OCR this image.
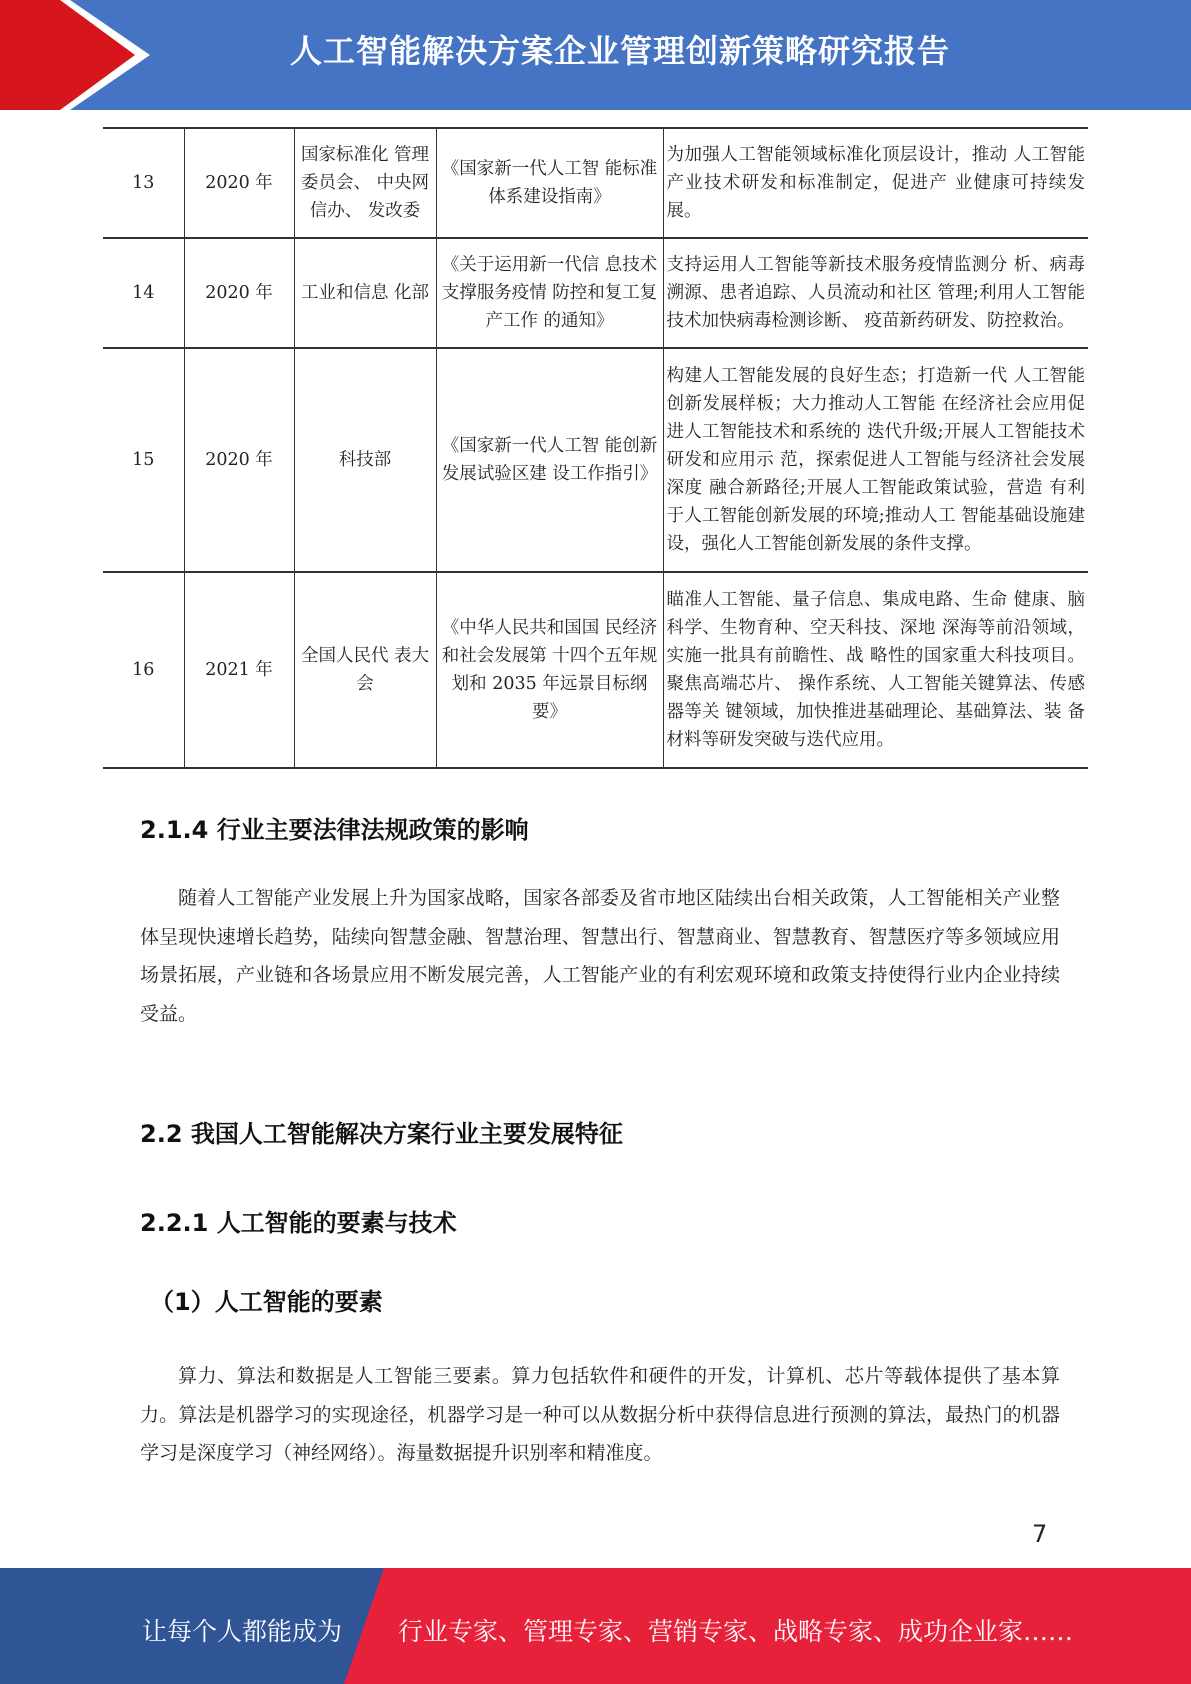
人工智能解决方案企业管理创新策略研究报告
13	2020 年	国家标准化 管理委员会、 中央网信办、 发改委	《国家新一代人工智 能标准体系建设指南》	为加强人工智能领域标准化顶层设计，推动 人工智能产业技术研发和标准制定，促进产 业健康可持续发展。
14	2020 年	工业和信息 化部	《关于运用新一代信 息技术支撑服务疫情 防控和复工复产工作 的通知》	支持运用人工智能等新技术服务疫情监测分 析、病毒溯源、患者追踪、人员流动和社区 管理;利用人工智能技术加快病毒检测诊断、 疫苗新药研发、防控救治。
15	2020 年	科技部	《国家新一代人工智 能创新发展试验区建 设工作指引》	构建人工智能发展的良好生态；打造新一代 人工智能创新发展样板；大力推动人工智能 在经济社会应用促进人工智能技术和系统的 迭代升级;开展人工智能技术研发和应用示 范，探索促进人工智能与经济社会发展深度 融合新路径;开展人工智能政策试验，营造 有利于人工智能创新发展的环境;推动人工 智能基础设施建设，强化人工智能创新发展的条件支撑。
16	2021 年	全国人民代 表大会	《中华人民共和国国 民经济和社会发展第 十四个五年规划和 2035 年远景目标纲要》	瞄准人工智能、量子信息、集成电路、生命 健康、脑科学、生物育种、空天科技、深地 深海等前沿领域，实施一批具有前瞻性、战 略性的国家重大科技项目。聚焦高端芯片、 操作系统、人工智能关键算法、传感器等关 键领域，加快推进基础理论、基础算法、装 备材料等研发突破与迭代应用。
2.1.4 行业主要法律法规政策的影响
随着人工智能产业发展上升为国家战略，国家各部委及省市地区陆续出台相关政策，人工智能相关产业整体呈现快速增长趋势，陆续向智慧金融、智慧治理、智慧出行、智慧商业、智慧教育、智慧医疗等多领域应用场景拓展，产业链和各场景应用不断发展完善，人工智能产业的有利宏观环境和政策支持使得行业内企业持续受益。
2.2 我国人工智能解决方案行业主要发展特征
2.2.1 人工智能的要素与技术
（1）人工智能的要素
算力、算法和数据是人工智能三要素。算力包括软件和硬件的开发，计算机、芯片等载体提供了基本算力。算法是机器学习的实现途径，机器学习是一种可以从数据分析中获得信息进行预测的算法，最热门的机器学习是深度学习（神经网络）。海量数据提升识别率和精准度。
7
让每个人都能成为 行业专家、管理专家、营销专家、战略专家、成功企业家……
